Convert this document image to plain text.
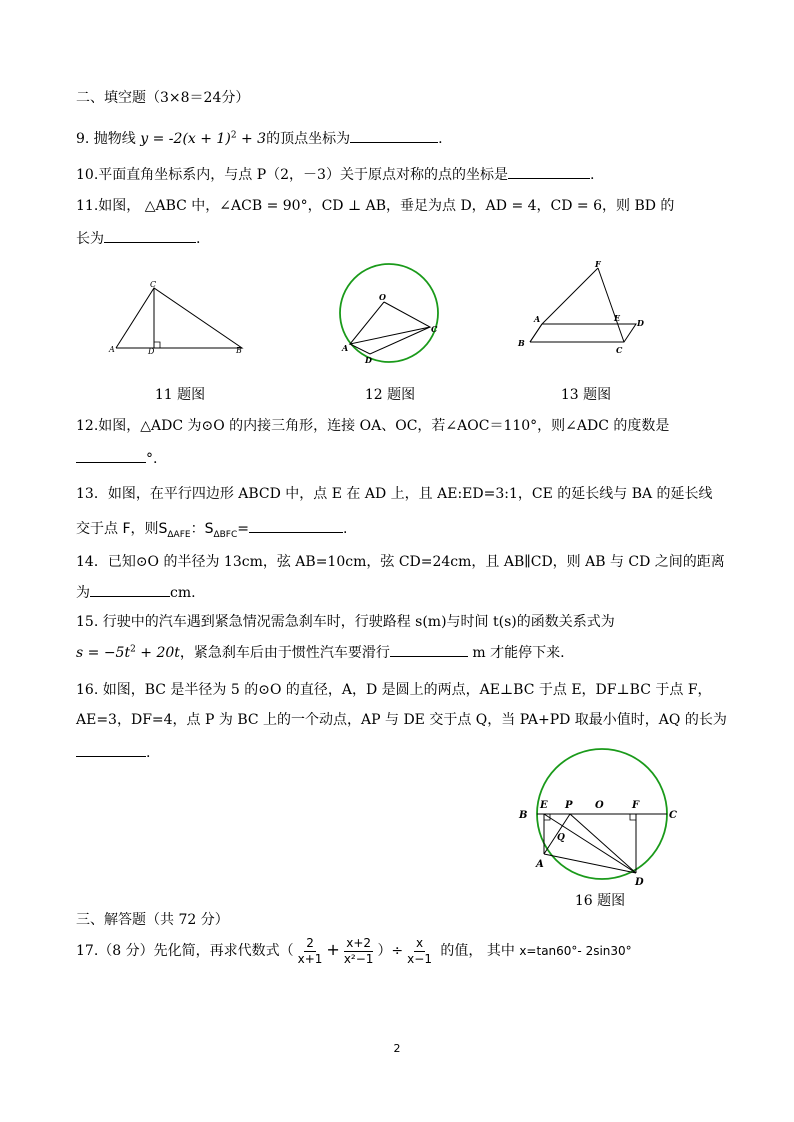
二、填空题（3×8＝24分）
9. 抛物线 $y = -2(x + 1)^2 + 3$的顶点坐标为	.
10.平面直角坐标系内，与点 P（2，－3）关于原点对称的点的坐标是	.
11.如图， △ABC 中，∠ACB = 90°，CD ⊥ AB，垂足为点 D，AD = 4，CD = 6，则 BD 的
长为	.
C
A	D	B
11 题图
O
A
C
D
12 题图
F
A	E D
B
C
13 题图
12.如图，△ADC 为⊙O 的内接三角形，连接 OA、OC，若∠AOC＝110°，则∠ADC 的度数是
°.
13．如图，在平行四边形 ABCD 中，点 E 在 AD 上，且 AE:ED=3:1，CE 的延长线与 BA 的延长线
交于点 F，则$S_{\Delta AFE}$：$S_{\Delta BFC}=$	.
14．已知⊙O 的半径为 13cm，弦 AB=10cm，弦 CD=24cm，且 AB∥CD，则 AB 与 CD 之间的距离
为	cm.
15. 行驶中的汽车遇到紧急情况需急刹车时，行驶路程 s(m)与时间 t(s)的函数关系式为
$s = -5t^2 + 20t$，紧急刹车后由于惯性汽车要滑行	m 才能停下来.
16. 如图，BC 是半径为 5 的⊙O 的直径，A，D 是圆上的两点，AE⊥BC 于点 E，DF⊥BC 于点 F，
AE=3，DF=4，点 P 为 BC 上的一个动点，AP 与 DE 交于点 Q，当 PA+PD 取最小值时，AQ 的长为
.
B
E P O	F
C
Q
A
D
16 题图
三、解答题（共 72 分）
17.（8 分）先化简，再求代数式（ $\frac{2}{x+1} + \frac{x+2}{\text{x²−1}}$ ）÷ $\frac{x}{x-1}$ 的值， 其中 x=tan60°- 2sin30°
2
